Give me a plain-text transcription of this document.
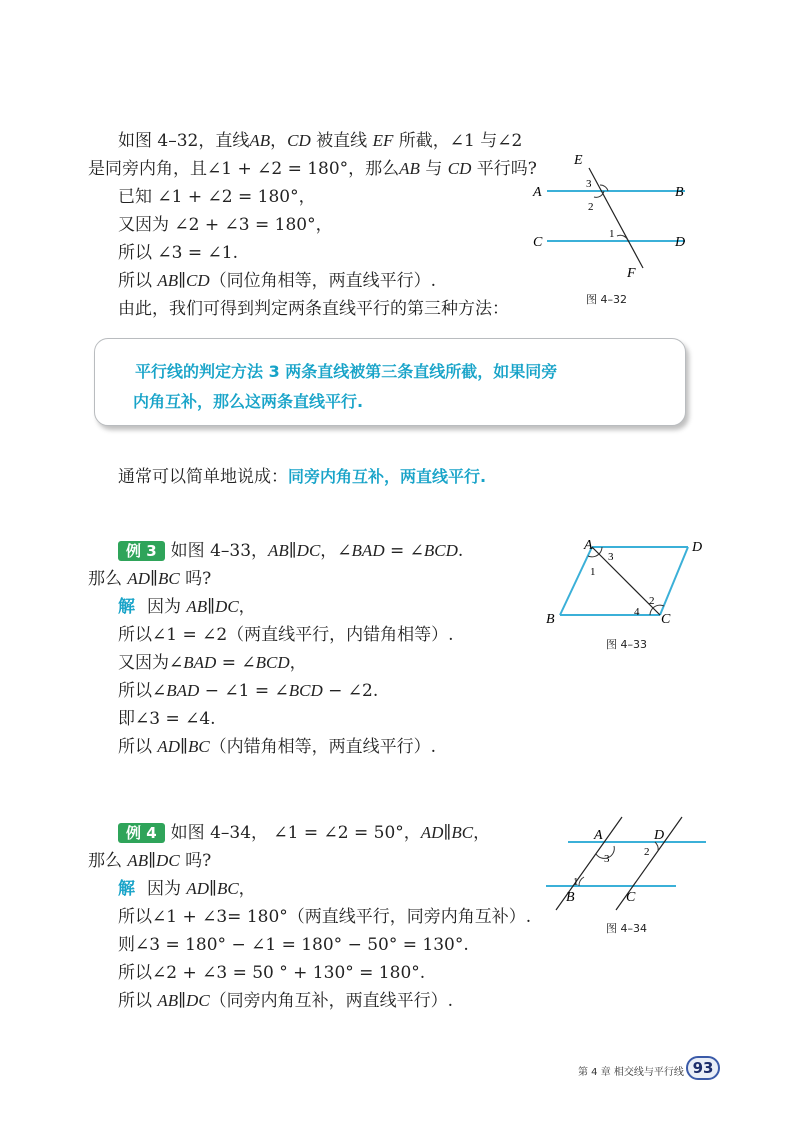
如图 4–32，直线AB，CD 被直线 EF 所截，∠1 与∠2
是同旁内角，且∠1 + ∠2 = 180°，那么AB 与 CD 平行吗?
已知 ∠1 + ∠2 = 180°，
又因为 ∠2 + ∠3 = 180°，
所以 ∠3 = ∠1.
所以 AB∥CD（同位角相等，两直线平行）.
由此，我们可得到判定两条直线平行的第三种方法：
E
A	B
C	D
F
3
2
1
图 4–32
平行线的判定方法 3 两条直线被第三条直线所截，如果同旁
内角互补，那么这两条直线平行.
通常可以简单地说成：同旁内角互补，两直线平行.
例 3 如图 4–33，AB∥DC，∠BAD = ∠BCD.
那么 AD∥BC 吗?
解 因为 AB∥DC，
所以∠1 = ∠2（两直线平行，内错角相等）.
又因为∠BAD = ∠BCD，
所以∠BAD − ∠1 = ∠BCD − ∠2.
即∠3 = ∠4.
所以 AD∥BC（内错角相等，两直线平行）.
A	D
B	C
3
1
2
4
图 4–33
例 4 如图 4–34， ∠1 = ∠2 = 50°，AD∥BC，
那么 AB∥DC 吗?
解 因为 AD∥BC，
所以∠1 + ∠3= 180°（两直线平行，同旁内角互补）.
则∠3 = 180° − ∠1 = 180° − 50° = 130°.
所以∠2 + ∠3 = 50 ° + 130° = 180°.
所以 AB∥DC（同旁内角互补，两直线平行）.
A	D
B	C
3
2
1
图 4–34
第 4 章 相交线与平行线 93
